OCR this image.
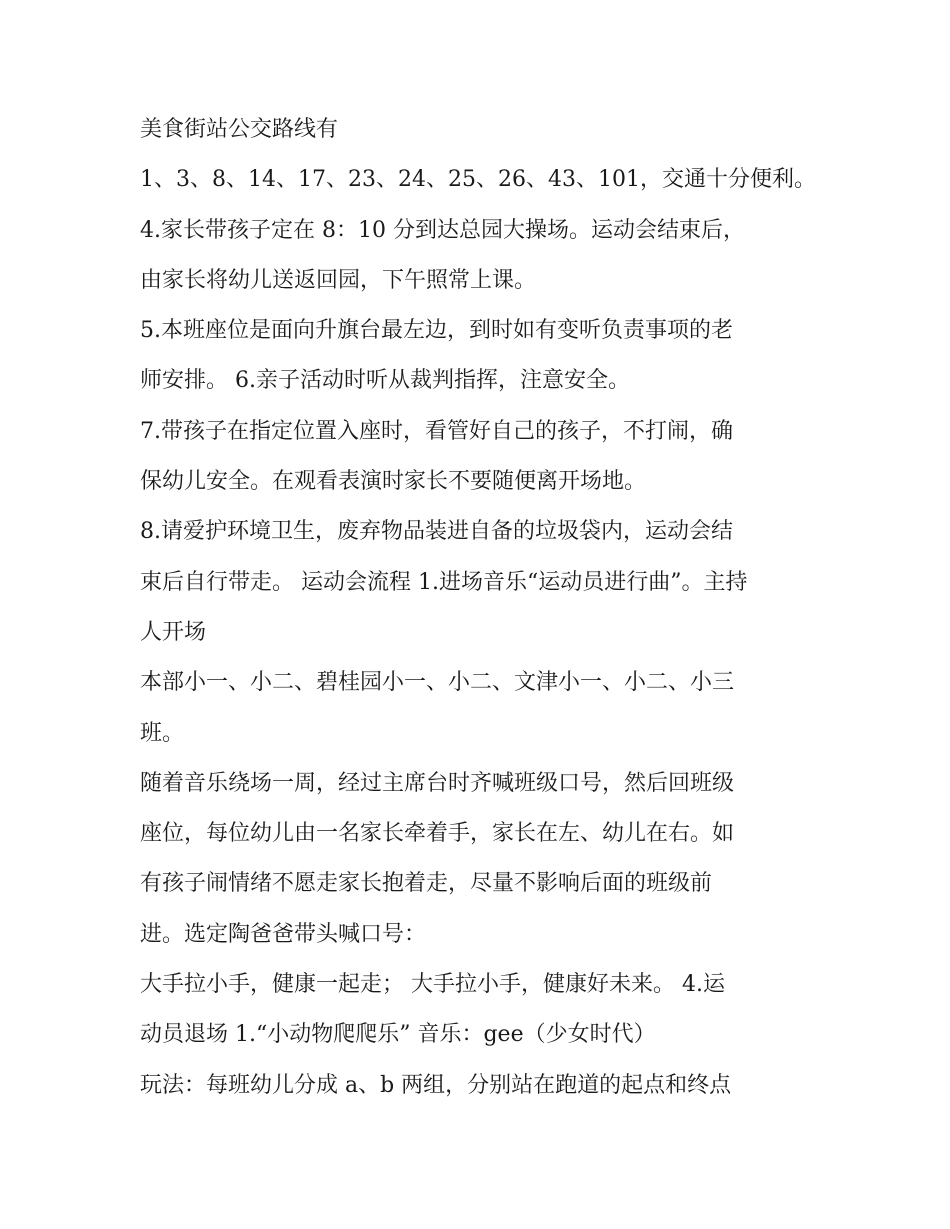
美食街站公交路线有
1、3、8、14、17、23、24、25、26、43、101，交通十分便利。
4.家长带孩子定在 8：10 分到达总园大操场。运动会结束后，
由家长将幼儿送返回园，下午照常上课。
5.本班座位是面向升旗台最左边，到时如有变听负责事项的老
师安排。 6.亲子活动时听从裁判指挥，注意安全。
7.带孩子在指定位置入座时，看管好自己的孩子，不打闹，确
保幼儿安全。在观看表演时家长不要随便离开场地。
8.请爱护环境卫生，废弃物品装进自备的垃圾袋内，运动会结
束后自行带走。 运动会流程 1.进场音乐“运动员进行曲”。主持
人开场
本部小一、小二、碧桂园小一、小二、文津小一、小二、小三
班。
随着音乐绕场一周，经过主席台时齐喊班级口号，然后回班级
座位，每位幼儿由一名家长牵着手，家长在左、幼儿在右。如
有孩子闹情绪不愿走家长抱着走，尽量不影响后面的班级前
进。选定陶爸爸带头喊口号：
大手拉小手，健康一起走； 大手拉小手，健康好未来。 4.运
动员退场 1.“小动物爬爬乐” 音乐：gee（少女时代）
玩法：每班幼儿分成 a、b 两组，分别站在跑道的起点和终点
